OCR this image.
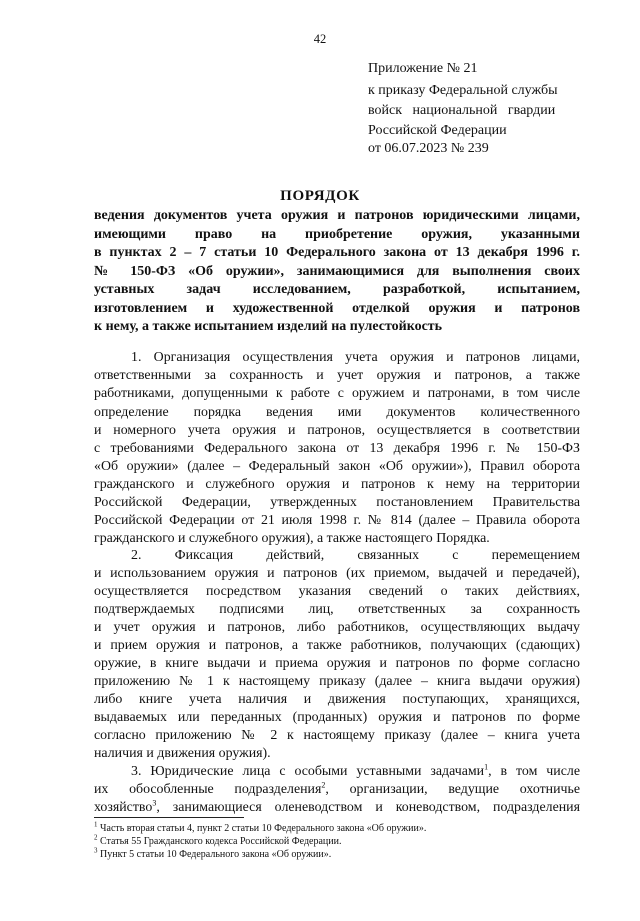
42
Приложение № 21
к приказу Федеральной службы
войск   национальной   гвардии
Российской Федерации
от 06.07.2023 № 239
ПОРЯДОК
ведения документов учета оружия и патронов юридическими лицами,
имеющими право на приобретение оружия, указанными
в пунктах 2 – 7 статьи 10 Федерального закона от 13 декабря 1996 г.
№ 150-ФЗ «Об оружии», занимающимися для выполнения своих
уставных задач исследованием, разработкой, испытанием,
изготовлением и художественной отделкой оружия и патронов
к нему, а также испытанием изделий на пулестойкость
1. Организация осуществления учета оружия и патронов лицами,
ответственными за сохранность и учет оружия и патронов, а также
работниками, допущенными к работе с оружием и патронами, в том числе
определение порядка ведения ими документов количественного
и номерного учета оружия и патронов, осуществляется в соответствии
с требованиями Федерального закона от 13 декабря 1996 г. № 150-ФЗ
«Об оружии» (далее – Федеральный закон «Об оружии»), Правил оборота
гражданского и служебного оружия и патронов к нему на территории
Российской Федерации, утвержденных постановлением Правительства
Российской Федерации от 21 июля 1998 г. № 814 (далее – Правила оборота
гражданского и служебного оружия), а также настоящего Порядка.
2. Фиксация действий, связанных с перемещением
и использованием оружия и патронов (их приемом, выдачей и передачей),
осуществляется посредством указания сведений о таких действиях,
подтверждаемых подписями лиц, ответственных за сохранность
и учет оружия и патронов, либо работников, осуществляющих выдачу
и прием оружия и патронов, а также работников, получающих (сдающих)
оружие, в книге выдачи и приема оружия и патронов по форме согласно
приложению № 1 к настоящему приказу (далее – книга выдачи оружия)
либо книге учета наличия и движения поступающих, хранящихся,
выдаваемых или переданных (проданных) оружия и патронов по форме
согласно приложению № 2 к настоящему приказу (далее – книга учета
наличия и движения оружия).
3. Юридические лица с особыми уставными задачами$^1$, в том числе
их обособленные подразделения$^2$, организации, ведущие охотничье
хозяйство$^3$, занимающиеся оленеводством и коневодством, подразделения
$^1$ Часть вторая статьи 4, пункт 2 статьи 10 Федерального закона «Об оружии».
$^2$ Статья 55 Гражданского кодекса Российской Федерации.
$^3$ Пункт 5 статьи 10 Федерального закона «Об оружии».
